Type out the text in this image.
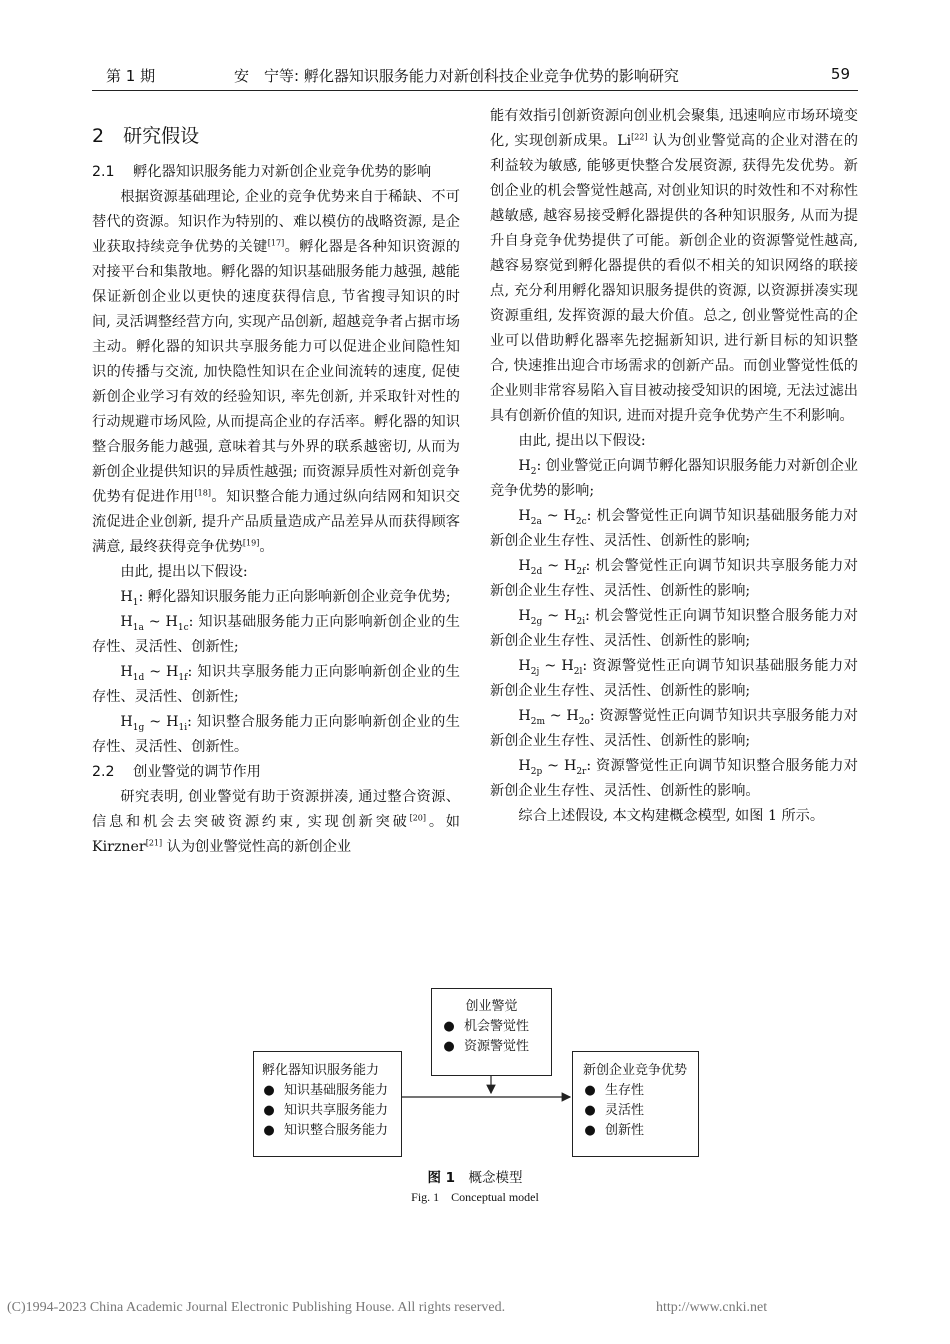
第 1 期	安　宁等: 孵化器知识服务能力对新创科技企业竞争优势的影响研究	59
2　研究假设
2.1 孵化器知识服务能力对新创企业竞争优势的影响

根据资源基础理论, 企业的竞争优势来自于稀缺、不可替代的资源。知识作为特别的、难以模仿的战略资源, 是企业获取持续竞争优势的关键[17]。孵化器是各种知识资源的对接平台和集散地。孵化器的知识基础服务能力越强, 越能保证新创企业以更快的速度获得信息, 节省搜寻知识的时间, 灵活调整经营方向, 实现产品创新, 超越竞争者占据市场主动。孵化器的知识共享服务能力可以促进企业间隐性知识的传播与交流, 加快隐性知识在企业间流转的速度, 促使新创企业学习有效的经验知识, 率先创新, 并采取针对性的行动规避市场风险, 从而提高企业的存活率。孵化器的知识整合服务能力越强, 意味着其与外界的联系越密切, 从而为新创企业提供知识的异质性越强; 而资源异质性对新创竞争优势有促进作用[18]。知识整合能力通过纵向结网和知识交流促进企业创新, 提升产品质量造成产品差异从而获得顾客满意, 最终获得竞争优势[19]。

由此, 提出以下假设:

$H_1$: 孵化器知识服务能力正向影响新创企业竞争优势;

$H_{1a}$ ~ $H_{1c}$: 知识基础服务能力正向影响新创企业的生存性、灵活性、创新性;

$H_{1d}$ ~ $H_{1f}$: 知识共享服务能力正向影响新创企业的生存性、灵活性、创新性;

$H_{1g}$ ~ $H_{1i}$: 知识整合服务能力正向影响新创企业的生存性、灵活性、创新性。

2.2 创业警觉的调节作用

研究表明, 创业警觉有助于资源拼凑, 通过整合资源、信息和机会去突破资源约束, 实现创新突破[20]。如 Kirzner[21] 认为创业警觉性高的新创企业

能有效指引创新资源向创业机会聚集, 迅速响应市场环境变化, 实现创新成果。Li[22] 认为创业警觉高的企业对潜在的利益较为敏感, 能够更快整合发展资源, 获得先发优势。新创企业的机会警觉性越高, 对创业知识的时效性和不对称性越敏感, 越容易接受孵化器提供的各种知识服务, 从而为提升自身竞争优势提供了可能。新创企业的资源警觉性越高, 越容易察觉到孵化器提供的看似不相关的知识网络的联接点, 充分利用孵化器知识服务提供的资源, 以资源拼凑实现资源重组, 发挥资源的最大价值。总之, 创业警觉性高的企业可以借助孵化器率先挖掘新知识, 进行新目标的知识整合, 快速推出迎合市场需求的创新产品。而创业警觉性低的企业则非常容易陷入盲目被动接受知识的困境, 无法过滤出具有创新价值的知识, 进而对提升竞争优势产生不利影响。

由此, 提出以下假设:

$H_2$: 创业警觉正向调节孵化器知识服务能力对新创企业竞争优势的影响;

$H_{2a}$ ~ $H_{2c}$: 机会警觉性正向调节知识基础服务能力对新创企业生存性、灵活性、创新性的影响;

$H_{2d}$ ~ $H_{2f}$: 机会警觉性正向调节知识共享服务能力对新创企业生存性、灵活性、创新性的影响;

$H_{2g}$ ~ $H_{2i}$: 机会警觉性正向调节知识整合服务能力对新创企业生存性、灵活性、创新性的影响;

$H_{2j}$ ~ $H_{2l}$: 资源警觉性正向调节知识基础服务能力对新创企业生存性、灵活性、创新性的影响;

$H_{2m}$ ~ $H_{2o}$: 资源警觉性正向调节知识共享服务能力对新创企业生存性、灵活性、创新性的影响;

$H_{2p}$ ~ $H_{2r}$: 资源警觉性正向调节知识整合服务能力对新创企业生存性、灵活性、创新性的影响。

综合上述假设, 本文构建概念模型, 如图 1 所示。

创业警觉
● 机会警觉性
● 资源警觉性
孵化器知识服务能力
● 知识基础服务能力
● 知识共享服务能力
● 知识整合服务能力
新创企业竞争优势
● 生存性
● 灵活性
● 创新性
图 1　概念模型
Fig. 1　Conceptual model
(C)1994-2023 China Academic Journal Electronic Publishing House. All rights reserved.	http://www.cnki.net
